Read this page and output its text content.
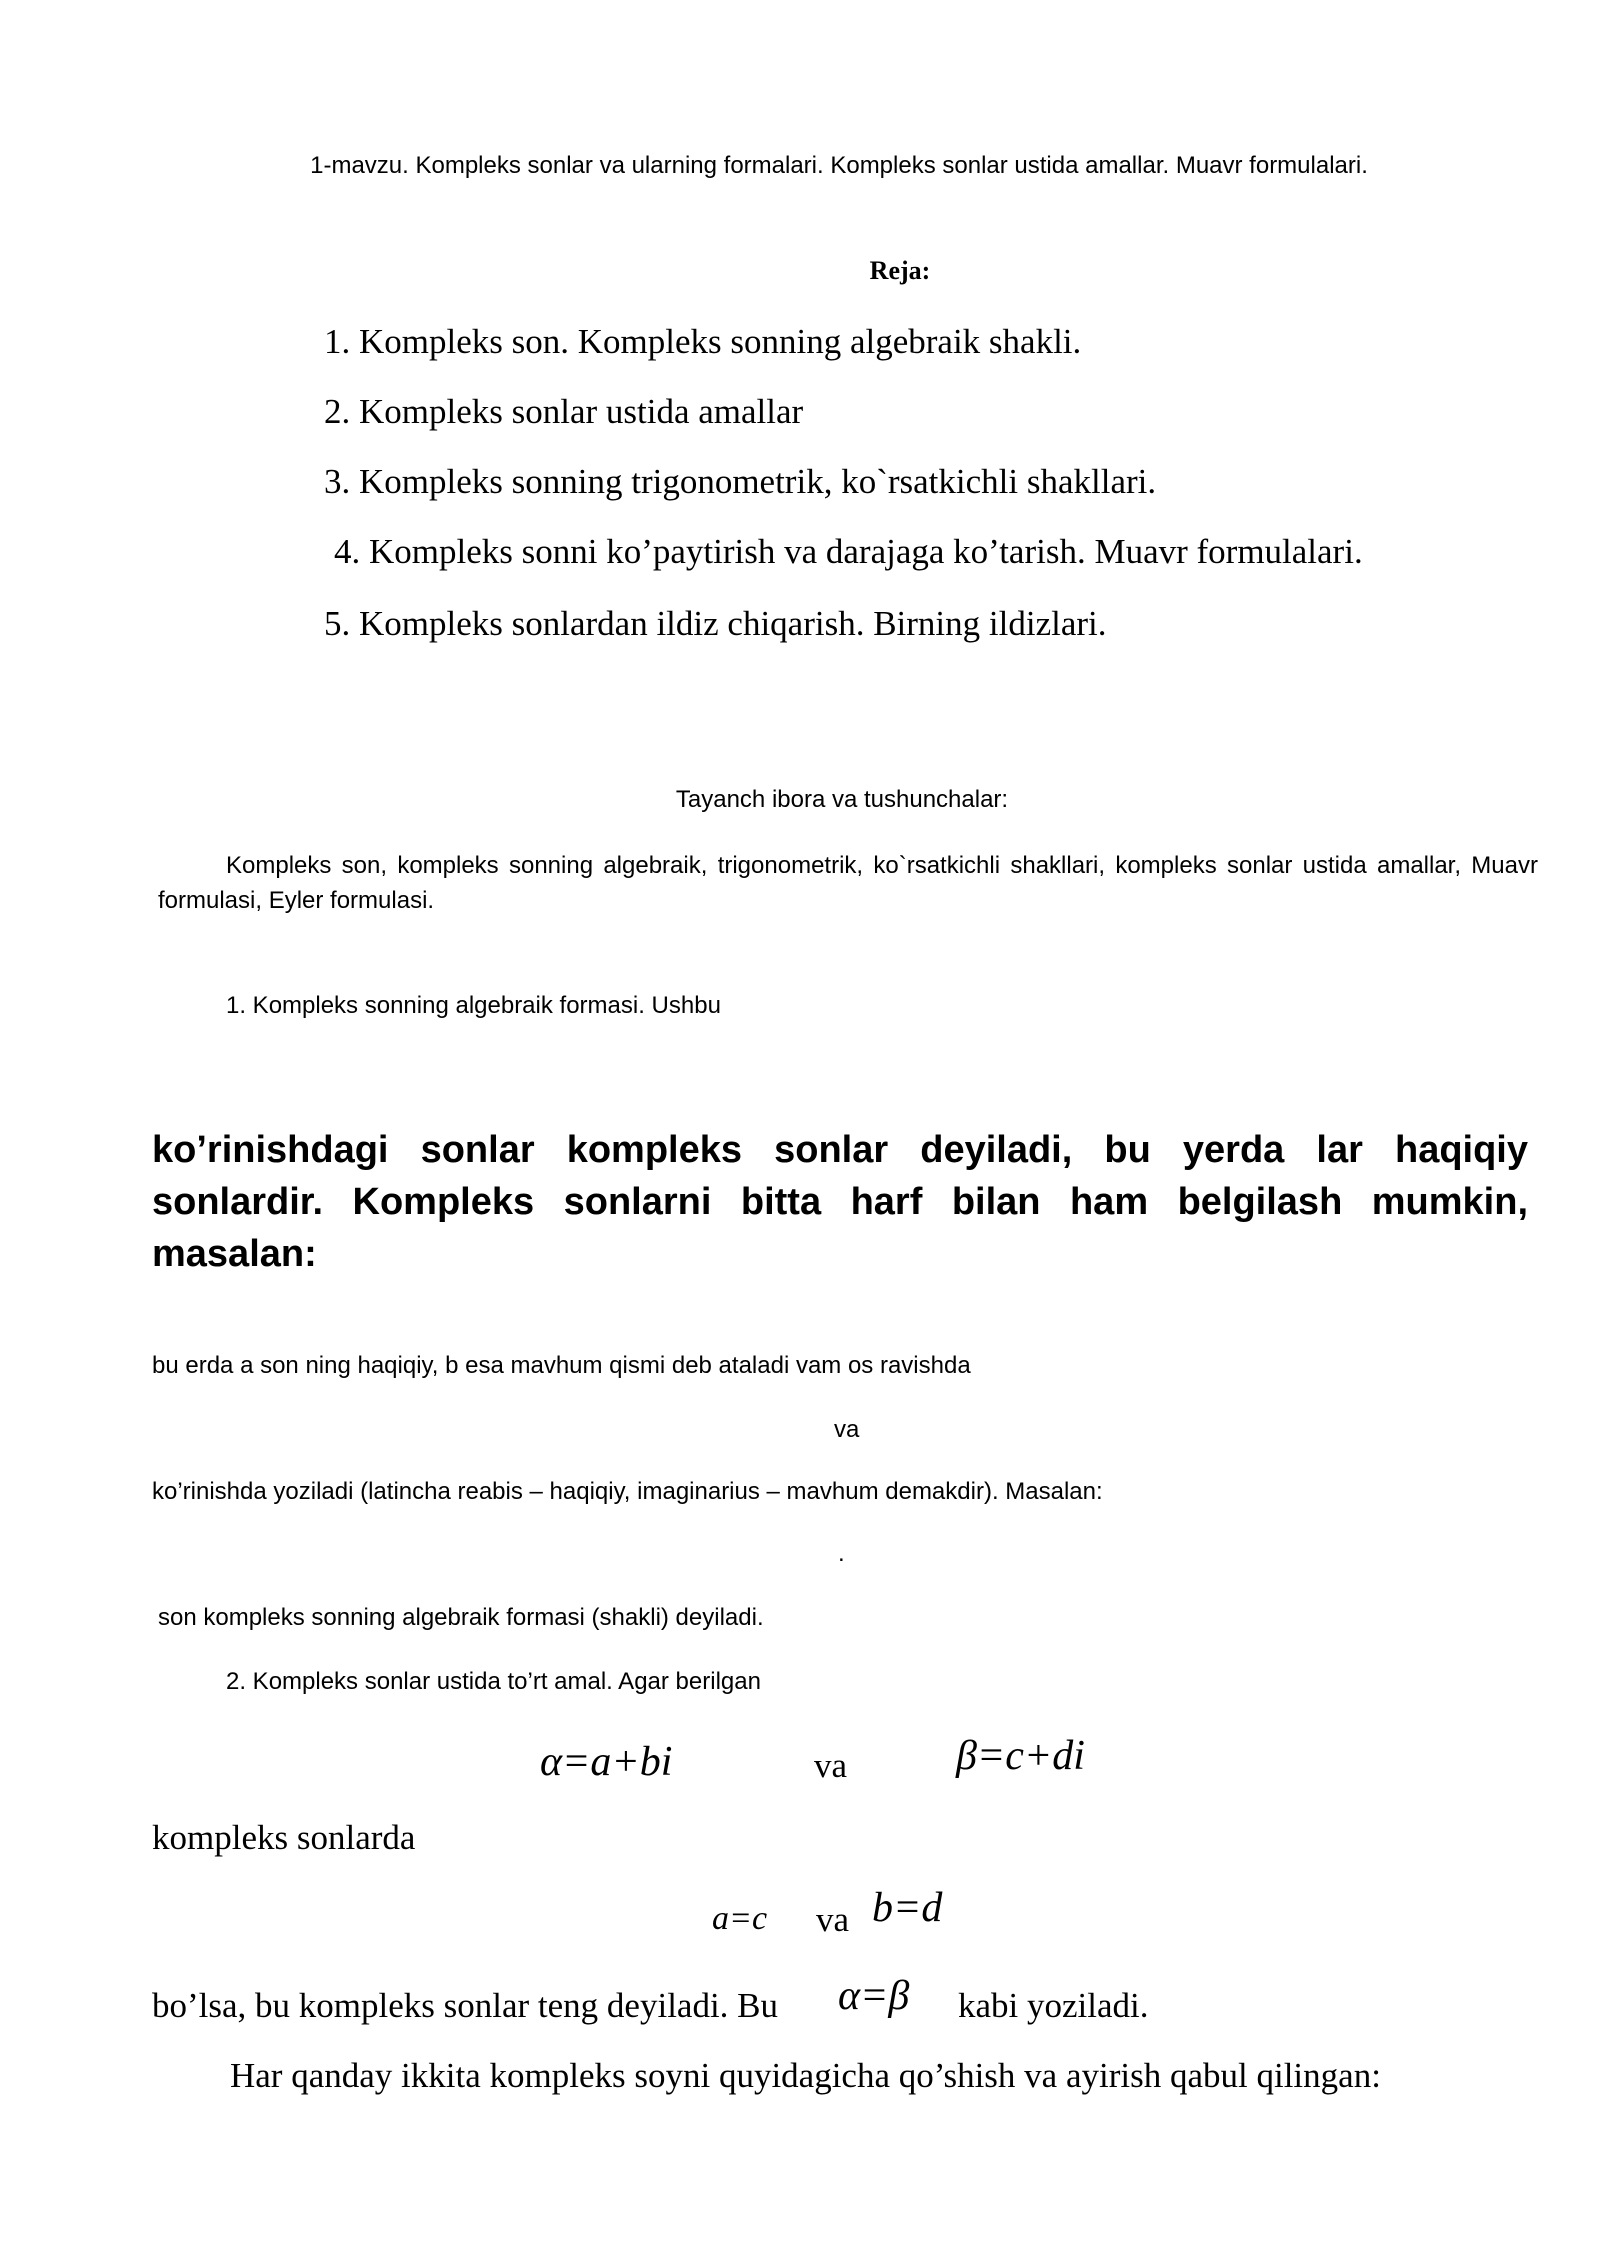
1-mavzu. Kompleks sonlar va ularning formalari. Kompleks sonlar ustida amallar. Muavr formulalari.
Reja:
1. Kompleks son. Kompleks sonning algebraik shakli.
2. Kompleks sonlar ustida amallar
3. Kompleks sonning trigonometrik, ko`rsatkichli shakllari.
4. Kompleks sonni ko’paytirish va darajaga ko’tarish. Muavr formulalari.
5. Kompleks sonlardan ildiz chiqarish. Birning ildizlari.
Tayanch ibora va tushunchalar:
Kompleks son, kompleks sonning algebraik, trigonometrik, ko`rsatkichli shakllari, kompleks sonlar ustida amallar, Muavr formulasi, Eyler formulasi.
1. Kompleks sonning algebraik formasi. Ushbu
ko’rinishdagi sonlar kompleks sonlar deyiladi, bu yerda lar haqiqiy sonlardir. Kompleks sonlarni bitta harf bilan ham belgilash mumkin, masalan:
bu erda a son ning haqiqiy, b esa mavhum qismi deb ataladi vam os ravishda
va
ko’rinishda yoziladi (latincha reabis – haqiqiy, imaginarius – mavhum demakdir). Masalan:
.
son kompleks sonning algebraik formasi (shakli) deyiladi.
2. Kompleks sonlar ustida to’rt amal. Agar berilgan
α=a+bi	va	β=c+di
kompleks sonlarda
a=c va b=d
bo’lsa, bu kompleks sonlar teng deyiladi. Bu α=β kabi yoziladi.
Har qanday ikkita kompleks soyni quyidagicha qo’shish va ayirish qabul qilingan:
